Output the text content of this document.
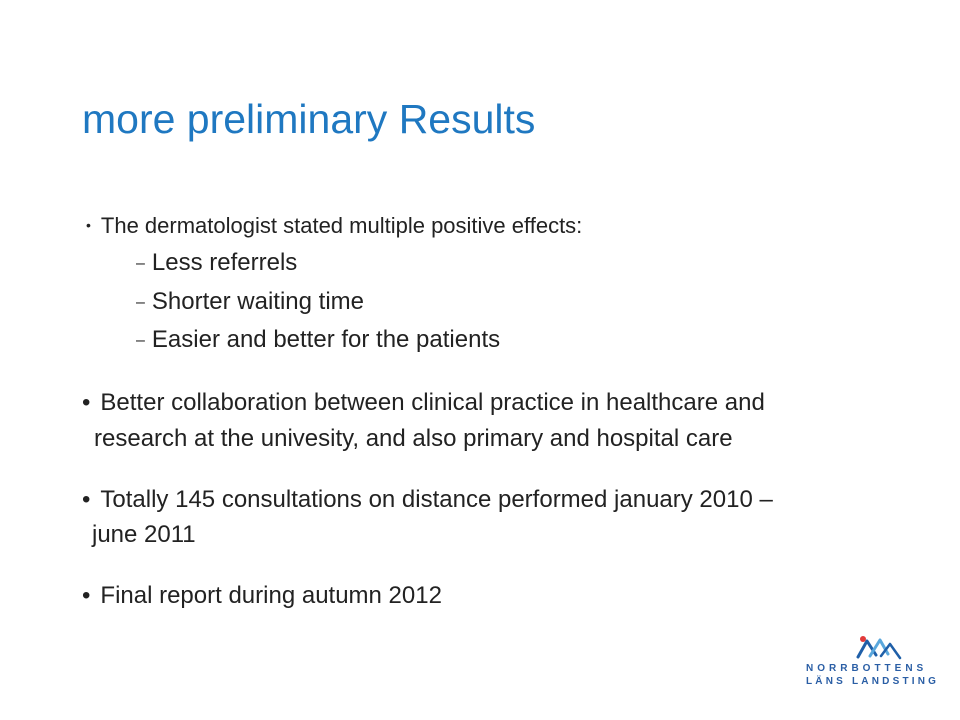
more preliminary Results
• The dermatologist stated multiple positive effects:
– Less referrels
– Shorter waiting time
– Easier and better for the patients
• Better collaboration between clinical practice in healthcare and
research at the univesity, and also primary and hospital care
• Totally 145 consultations on distance performed january 2010 –
june 2011
• Final report during autumn 2012
NORRBOTTENS
LÄNS LANDSTING
